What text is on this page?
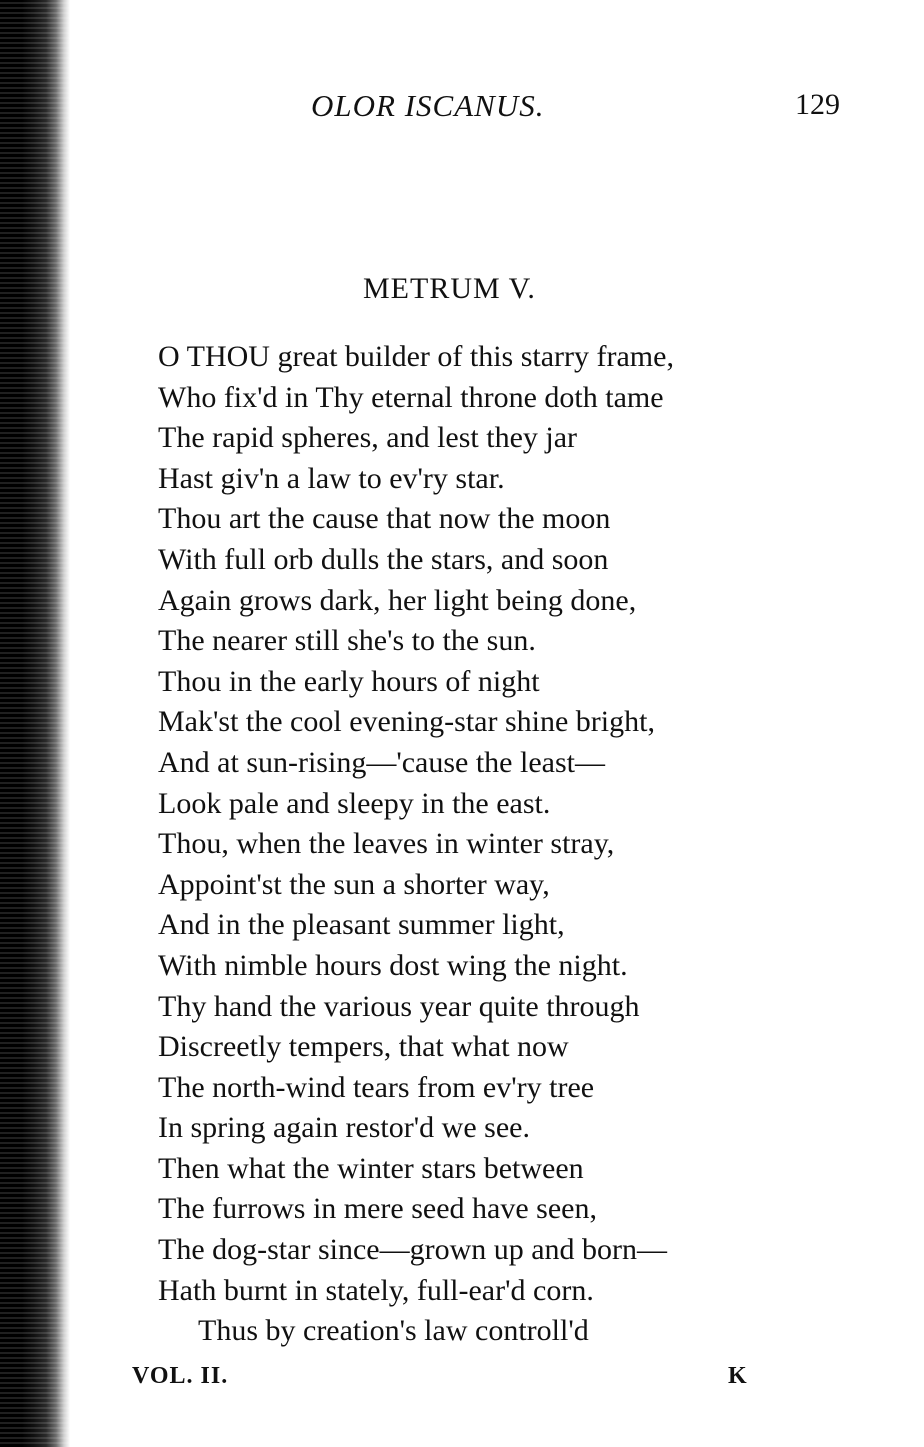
OLOR ISCANUS.	129
METRUM V.
O THOU great builder of this starry frame,
Who fix'd in Thy eternal throne doth tame
The rapid spheres, and lest they jar
Hast giv'n a law to ev'ry star.
Thou art the cause that now the moon
With full orb dulls the stars, and soon
Again grows dark, her light being done,
The nearer still she's to the sun.
Thou in the early hours of night
Mak'st the cool evening-star shine bright,
And at sun-rising—'cause the least—
Look pale and sleepy in the east.
Thou, when the leaves in winter stray,
Appoint'st the sun a shorter way,
And in the pleasant summer light,
With nimble hours dost wing the night.
Thy hand the various year quite through
Discreetly tempers, that what now
The north-wind tears from ev'ry tree
In spring again restor'd we see.
Then what the winter stars between
The furrows in mere seed have seen,
The dog-star since—grown up and born—
Hath burnt in stately, full-ear'd corn.
Thus by creation's law controll'd
VOL. II.	K
